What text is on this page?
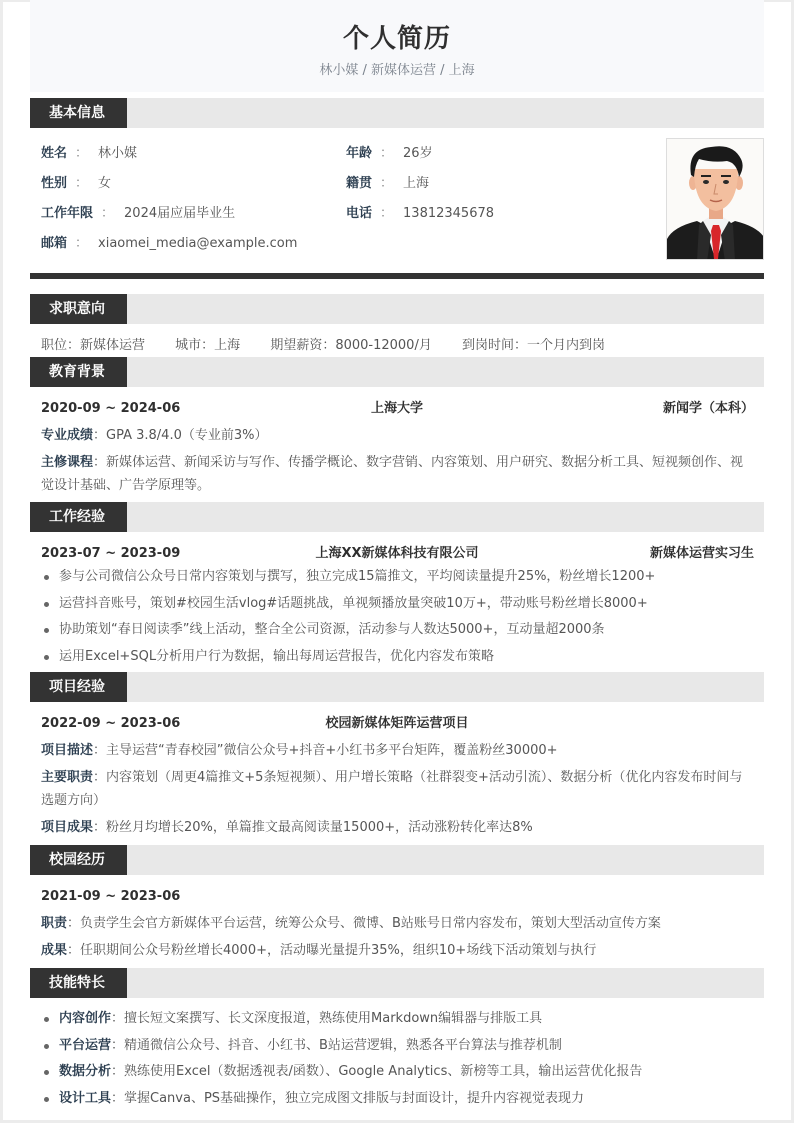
个人简历
林小媒 / 新媒体运营 / 上海
基本信息
姓名 ： 林小媒
性别 ： 女
工作年限 ： 2024届应届毕业生
邮箱 ： xiaomei_media@example.com
年龄 ： 26岁
籍贯 ： 上海
电话 ： 13812345678
求职意向
职位：新媒体运营 城市：上海 期望薪资：8000-12000/月 到岗时间：一个月内到岗
教育背景
2020-09 ~ 2024-06	上海大学	新闻学（本科）
专业成绩：GPA 3.8/4.0（专业前3%）
主修课程：新媒体运营、新闻采访与写作、传播学概论、数字营销、内容策划、用户研究、数据分析工具、短视频创作、视觉设计基础、广告学原理等。
工作经验
2023-07 ~ 2023-09	上海XX新媒体科技有限公司	新媒体运营实习生
参与公司微信公众号日常内容策划与撰写，独立完成15篇推文，平均阅读量提升25%，粉丝增长1200+
运营抖音账号，策划#校园生活vlog#话题挑战，单视频播放量突破10万+，带动账号粉丝增长8000+
协助策划“春日阅读季”线上活动，整合全公司资源，活动参与人数达5000+，互动量超2000条
运用Excel+SQL分析用户行为数据，输出每周运营报告，优化内容发布策略
项目经验
2022-09 ~ 2023-06	校园新媒体矩阵运营项目
项目描述：主导运营“青春校园”微信公众号+抖音+小红书多平台矩阵，覆盖粉丝30000+
主要职责：内容策划（周更4篇推文+5条短视频）、用户增长策略（社群裂变+活动引流）、数据分析（优化内容发布时间与选题方向）
项目成果：粉丝月均增长20%，单篇推文最高阅读量15000+，活动涨粉转化率达8%
校园经历
2021-09 ~ 2023-06
职责：负责学生会官方新媒体平台运营，统筹公众号、微博、B站账号日常内容发布，策划大型活动宣传方案
成果：任职期间公众号粉丝增长4000+，活动曝光量提升35%，组织10+场线下活动策划与执行
技能特长
内容创作：擅长短文案撰写、长文深度报道，熟练使用Markdown编辑器与排版工具
平台运营：精通微信公众号、抖音、小红书、B站运营逻辑，熟悉各平台算法与推荐机制
数据分析：熟练使用Excel（数据透视表/函数）、Google Analytics、新榜等工具，输出运营优化报告
设计工具：掌握Canva、PS基础操作，独立完成图文排版与封面设计，提升内容视觉表现力
